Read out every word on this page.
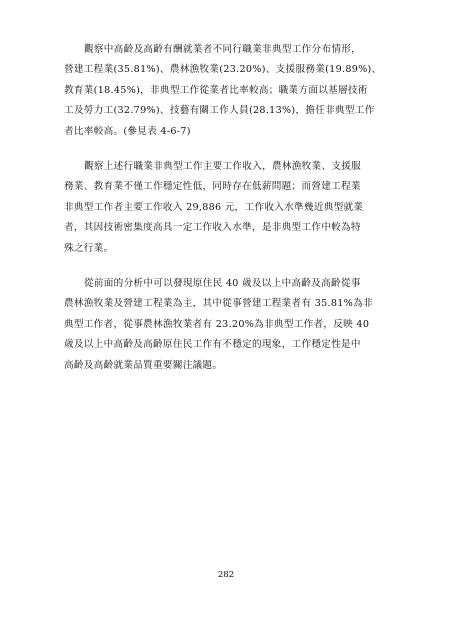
觀察中高齡及高齡有酬就業者不同行職業非典型工作分布情形，
營建工程業(35.81%)、農林漁牧業(23.20%)、支援服務業(19.89%)、
教育業(18.45%)，非典型工作從業者比率較高；職業方面以基層技術
工及勞力工(32.79%)、技藝有關工作人員(28.13%)，擔任非典型工作
者比率較高。(參見表 4-6-7)

觀察上述行職業非典型工作主要工作收入，農林漁牧業、支援服
務業、教育業不僅工作穩定性低，同時存在低薪問題；而營建工程業
非典型工作者主要工作收入 29,886 元，工作收入水準幾近典型就業
者，其因技術密集度高具一定工作收入水準，是非典型工作中較為特
殊之行業。

從前面的分析中可以發現原住民 40 歲及以上中高齡及高齡從事
農林漁牧業及營建工程業為主，其中從事營建工程業者有 35.81%為非
典型工作者，從事農林漁牧業者有 23.20%為非典型工作者，反映 40
歲及以上中高齡及高齡原住民工作有不穩定的現象，工作穩定性是中
高齡及高齡就業品質重要關注議題。

282
